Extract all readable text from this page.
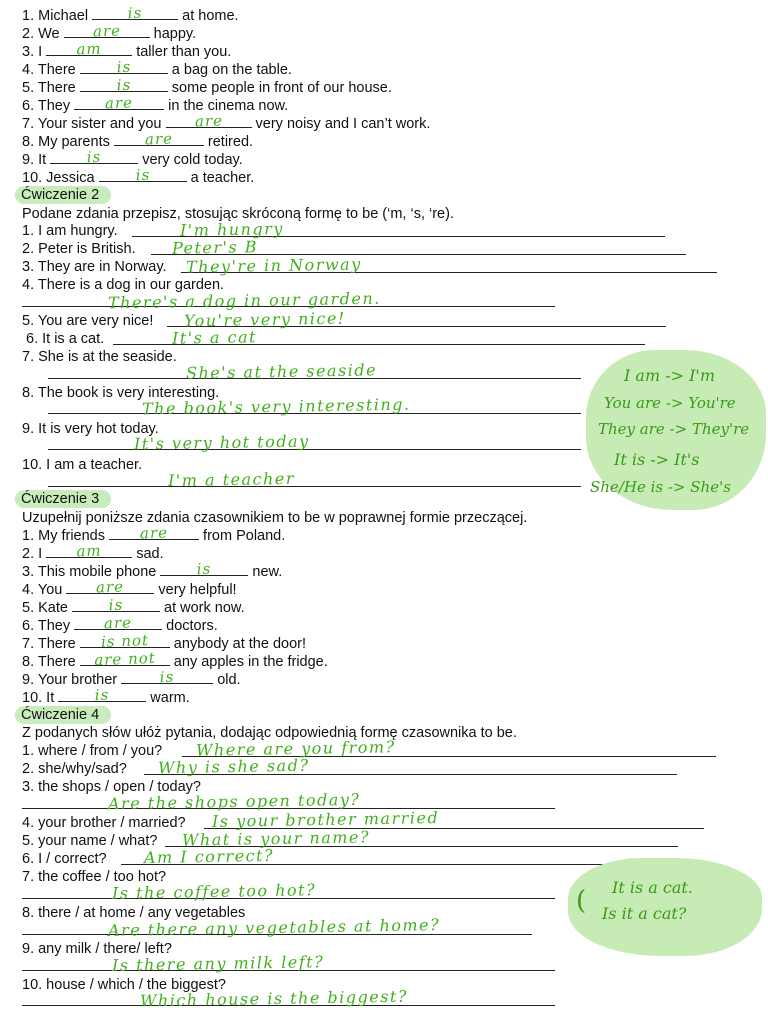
1. Michael is at home.
2. We are happy.
3. I am taller than you.
4. There is	a bag on the table.
5. There is	some people in front of our house.
6. They are in the cinema now.
7. Your sister and you are very noisy and I can’t work.
8. My parents are retired.
9. It is	very cold today.
10. Jessica is	a teacher.
Ćwiczenie 2
Podane zdania przepisz, stosując skróconą formę to be (‘m, ‘s, ‘re).
1. I am hungry.	I'm hungry
2. Peter is British. Peter's B
3. They are in Norway. They're in Norway
4. There is a dog in our garden.
There's a dog in our garden.
5. You are very nice! You're very nice!
6. It is a cat.	It's a cat
7. She is at the seaside.
She's at the seaside
8. The book is very interesting.
The book's very interesting.
9. It is very hot today.
It's very hot today
10. I am a teacher.
I'm a teacher
I am -> I'm
You are -> You're
They are -> They're
It is -> It's
She/He is -> She's
Ćwiczenie 3
Uzupełnij poniższe zdania czasownikiem to be w poprawnej formie przeczącej.
1. My friends are from Poland.
2. I am sad.
3. This mobile phone is	new.
4. You are very helpful!
5. Kate is	at work now.
6. They are doctors.
7. There is not anybody at the door!
8. There are not any apples in the fridge.
9. Your brother	is	old.
10. It is	warm.
Ćwiczenie 4
Z podanych słów ułóż pytania, dodając odpowiednią formę czasownika to be.
1. where / from / you? Where are you from?
2. she/why/sad? Why is she sad?
3. the shops / open / today?
Are the shops open today?
4. your brother / married? Is your brother married
5. your name / what? What is your name?
6. I / correct? Am I correct?
7. the coffee / too hot?
Is the coffee too hot?
8. there / at home / any vegetables
Are there any vegetables at home?
9. any milk / there/ left?
Is there any milk left?
10. house / which / the biggest?
Which house is the biggest?
( It is a cat.
Is it a cat?
